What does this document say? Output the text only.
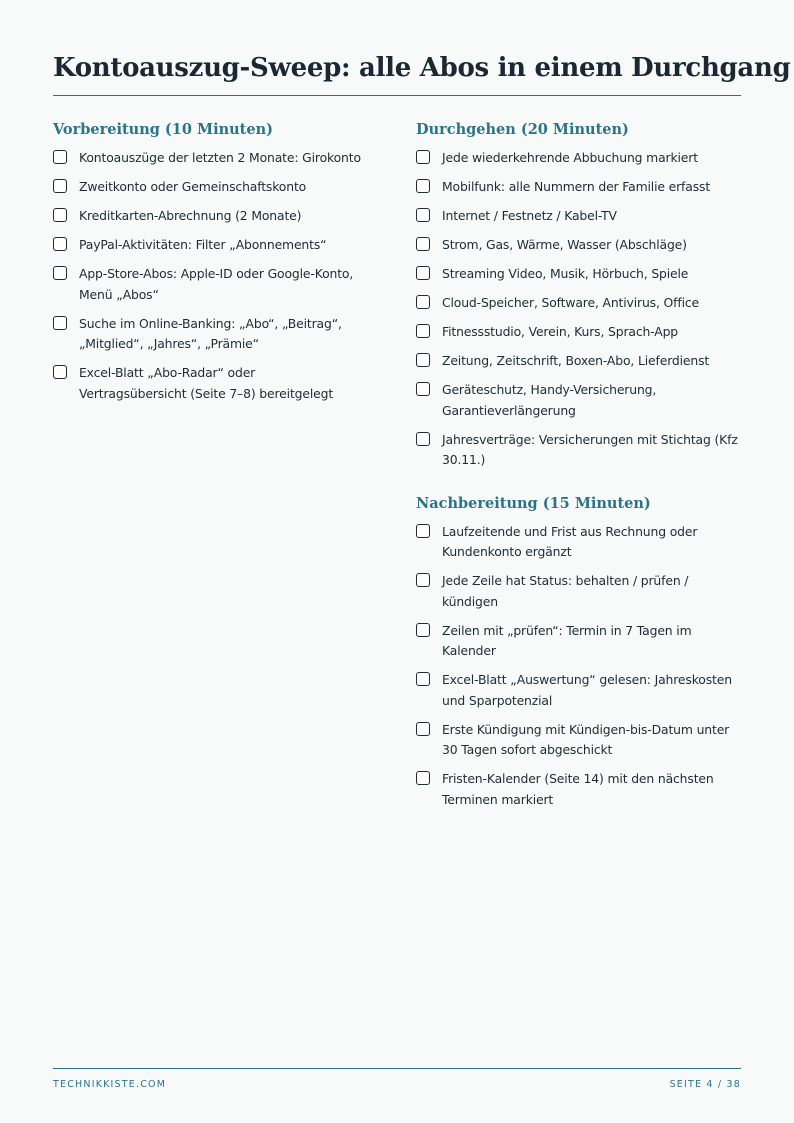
Kontoauszug-Sweep: alle Abos in einem Durchgang
Vorbereitung (10 Minuten)
Kontoauszüge der letzten 2 Monate: Girokonto
Zweitkonto oder Gemeinschaftskonto
Kreditkarten-Abrechnung (2 Monate)
PayPal-Aktivitäten: Filter „Abonnements“
App-Store-Abos: Apple-ID oder Google-Konto, Menü „Abos“
Suche im Online-Banking: „Abo“, „Beitrag“, „Mitglied“, „Jahres“, „Prämie“
Excel-Blatt „Abo-Radar“ oder Vertragsübersicht (Seite 7–8) bereitgelegt
Durchgehen (20 Minuten)
Jede wiederkehrende Abbuchung markiert
Mobilfunk: alle Nummern der Familie erfasst
Internet / Festnetz / Kabel-TV
Strom, Gas, Wärme, Wasser (Abschläge)
Streaming Video, Musik, Hörbuch, Spiele
Cloud-Speicher, Software, Antivirus, Office
Fitnessstudio, Verein, Kurs, Sprach-App
Zeitung, Zeitschrift, Boxen-Abo, Lieferdienst
Geräteschutz, Handy-Versicherung, Garantieverlängerung
Jahresverträge: Versicherungen mit Stichtag (Kfz 30.11.)
Nachbereitung (15 Minuten)
Laufzeitende und Frist aus Rechnung oder Kundenkonto ergänzt
Jede Zeile hat Status: behalten / prüfen / kündigen
Zeilen mit „prüfen“: Termin in 7 Tagen im Kalender
Excel-Blatt „Auswertung“ gelesen: Jahreskosten und Sparpotenzial
Erste Kündigung mit Kündigen-bis-Datum unter 30 Tagen sofort abgeschickt
Fristen-Kalender (Seite 14) mit den nächsten Terminen markiert
TECHNIKKISTE.COM	SEITE 4 / 38
